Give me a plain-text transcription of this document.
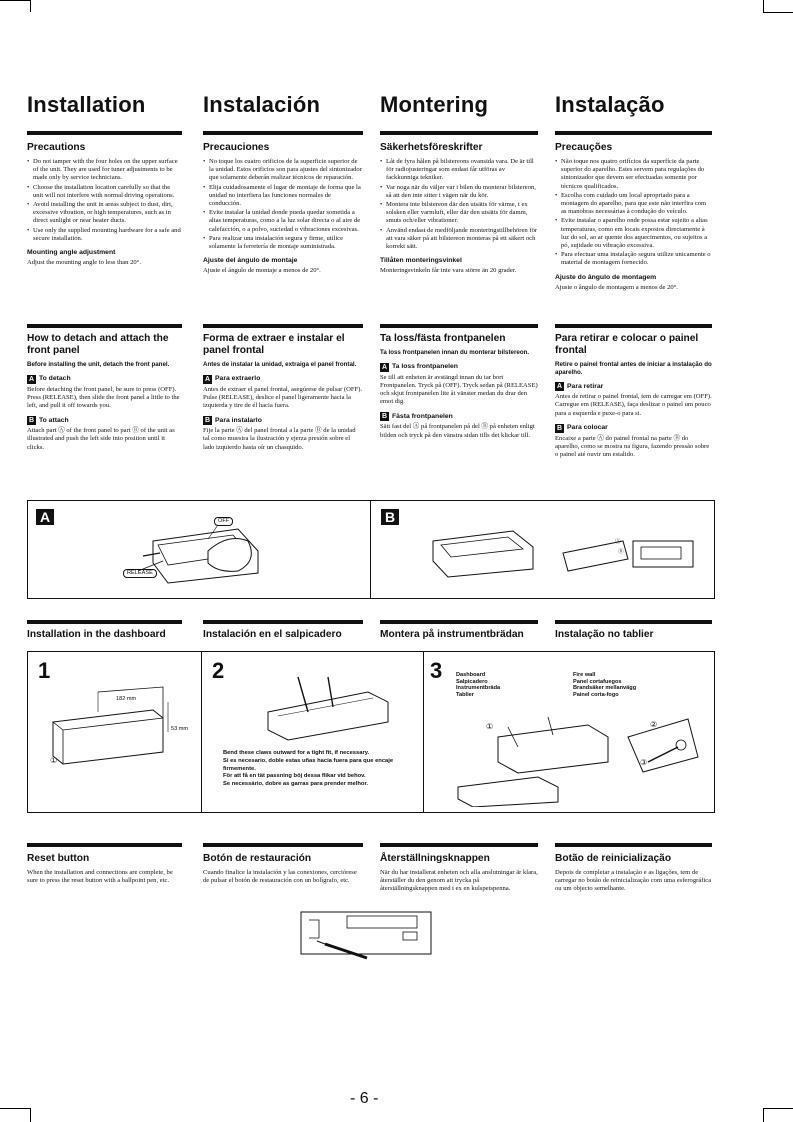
Installation	Instalación	Montering	Instalação
Precautions
• Do not tamper with the four holes on the upper surface of the unit. They are used for tuner adjustments to be made only by service technicians.
• Choose the installation location carefully so that the unit will not interfere with normal driving operations.
• Avoid installing the unit in areas subject to dust, dirt, excessive vibration, or high temperatures, such as in direct sunlight or near heater ducts.
• Use only the supplied mounting hardware for a safe and secure installation.
Mounting angle adjustment

Adjust the mounting angle to less than 20°.

Precauciones
• No toque los cuatro orificios de la superficie superior de la unidad. Estos orificios son para ajustes del sintonizador que solamente deberán realizar técnicos de reparación.
• Elija cuidadosamente el lugar de montaje de forma que la unidad no interfiera las funciones normales de conducción.
• Evite instalar la unidad donde pueda quedar sometida a altas temperaturas, como a la luz solar directa o al aire de calefacción, o a polvo, suciedad o vibraciones excesivas.
• Para realizar una instalación segura y firme, utilice solamente la ferretería de montaje suministrada.
Ajuste del ángulo de montaje

Ajuste el ángulo de montaje a menos de 20°.

Säkerhetsföreskrifter
• Låt de fyra hålen på bilstereons ovansida vara. De är till för radiojusteringar som endast får utföras av fackkunniga tekniker.
• Var noga när du väljer var i bilen du monterar bilstereon, så att den inte sitter i vägen när du kör.
• Montera inte bilstereon där den utsätts för värme, t ex solsken eller varmluft, eller där den utsätts för damm, smuts och/eller vibrationer.
• Använd endast de medföljande monteringstillbehören för att vara säker på att bilstereon monteras på ett säkert och korrekt sätt.
Tillåten monteringsvinkel

Monteringsvinkeln får inte vara större än 20 grader.

Precauções
• Não toque nos quatro orifícios da superfície da parte superior do aparelho. Estes servem para regulações do sintonizador que devem ser efectuadas somente por técnicos qualificados.
• Escolha com cuidado um local apropriado para a montagem do aparelho, para que este não interfira com as manobras necessárias à condução do veículo.
• Evite instalar o aparelho onde possa estar sujeito a altas temperaturas, como em locais expostos directamente à luz do sol, ao ar quente dos aquecimentos, ou sujeitos a pó, sujidade ou vibração excessiva.
• Para efectuar uma instalação segura utilize unicamente o material de montagem fornecido.
Ajuste do ângulo de montagem

Ajuste o ângulo de montagem a menos de 20°.

How to detach and attach the front panel

Before installing the unit, detach the front panel.

A To detach

Before detaching the front panel, be sure to press (OFF). Press (RELEASE), then slide the front panel a little to the left, and pull it off towards you.

B To attach

Attach part Ⓐ of the front panel to part Ⓑ of the unit as illustrated and push the left side into position until it clicks.

Forma de extraer e instalar el panel frontal

Antes de instalar la unidad, extraiga el panel frontal.

A Para extraerlo

Antes de extraer el panel frontal, asegúrese de pulsar (OFF). Pulse (RELEASE), deslice el panel ligeramente hacia la izquierda y tire de él hacia fuera.

B Para instalarlo

Fije la parte Ⓐ del panel frontal a la parte Ⓑ de la unidad tal como muestra la ilustración y ejerza presión sobre el lado izquierdo hasta oír un chasquido.

Ta loss/fästa frontpanelen

Ta loss frontpanelen innan du monterar bilstereon.

A Ta loss frontpanelen

Se till att enheten är avstängd innan du tar bort Frontpanelen. Tryck på (OFF). Tryck sedan på (RELEASE) och skjut frontpanelen lite åt vänster medan du drar den emot dig.

B Fästa frontpanelen

Sätt fast del Ⓐ på frontpanelen på del Ⓑ på enheten enligt bilden och tryck på den vänstra sidan tills det klickar till.

Para retirar e colocar o painel frontal

Retire o painel frontal antes de iniciar a instalação do aparelho.

A Para retirar

Antes de retirar o painel frontal, tem de carregar em (OFF). Carregue em (RELEASE), faça deslizar o painel um pouco para a esquerda e puxe-o para si.

B Para colocar

Encaixe a parte Ⓐ do painel frontal na parte Ⓑ do aparelho, como se mostra na figura, fazendo pressão sobre o painel até ouvir um estalido.

A	B
OFF
RELEASE
Ⓐ
Ⓑ
Installation in the dashboard	Instalación en el salpicadero	Montera på instrumentbrädan	Instalação no tablier
1
182 mm
53 mm
①
2

Bend these claws outward for a tight fit, if necessary.

Si es necesario, doble estas uñas hacia fuera para que encaje firmemente.

För att få en tät passning böj dessa flikar vid behov.

Se necessário, dobre as garras para prender melhor.

3 Dashboard
Salpicadero
Instrumentbräda
Tablier
Fire wall
Panel cortafuegos
Brandsäker mellanvägg
Painel corta-fogo
①	②
③
Reset button

When the installation and connections are complete, be sure to press the reset button with a ballpoint pen, etc.

Botón de restauración

Cuando finalice la instalación y las conexiones, cerciórese de pulsar el botón de restauración con un bolígrafo, etc.

Återställningsknappen

När du har installerat enheten och alla anslutningar är klara, återställer du den genom att trycka på återställningsknappen med t ex en kulspetspenna.

Botão de reinicialização

Depois de completar a instalação e as ligações, tem de carregar no botão de reinicialização com uma esferográfica ou um objecto semelhante.

- 6 -
